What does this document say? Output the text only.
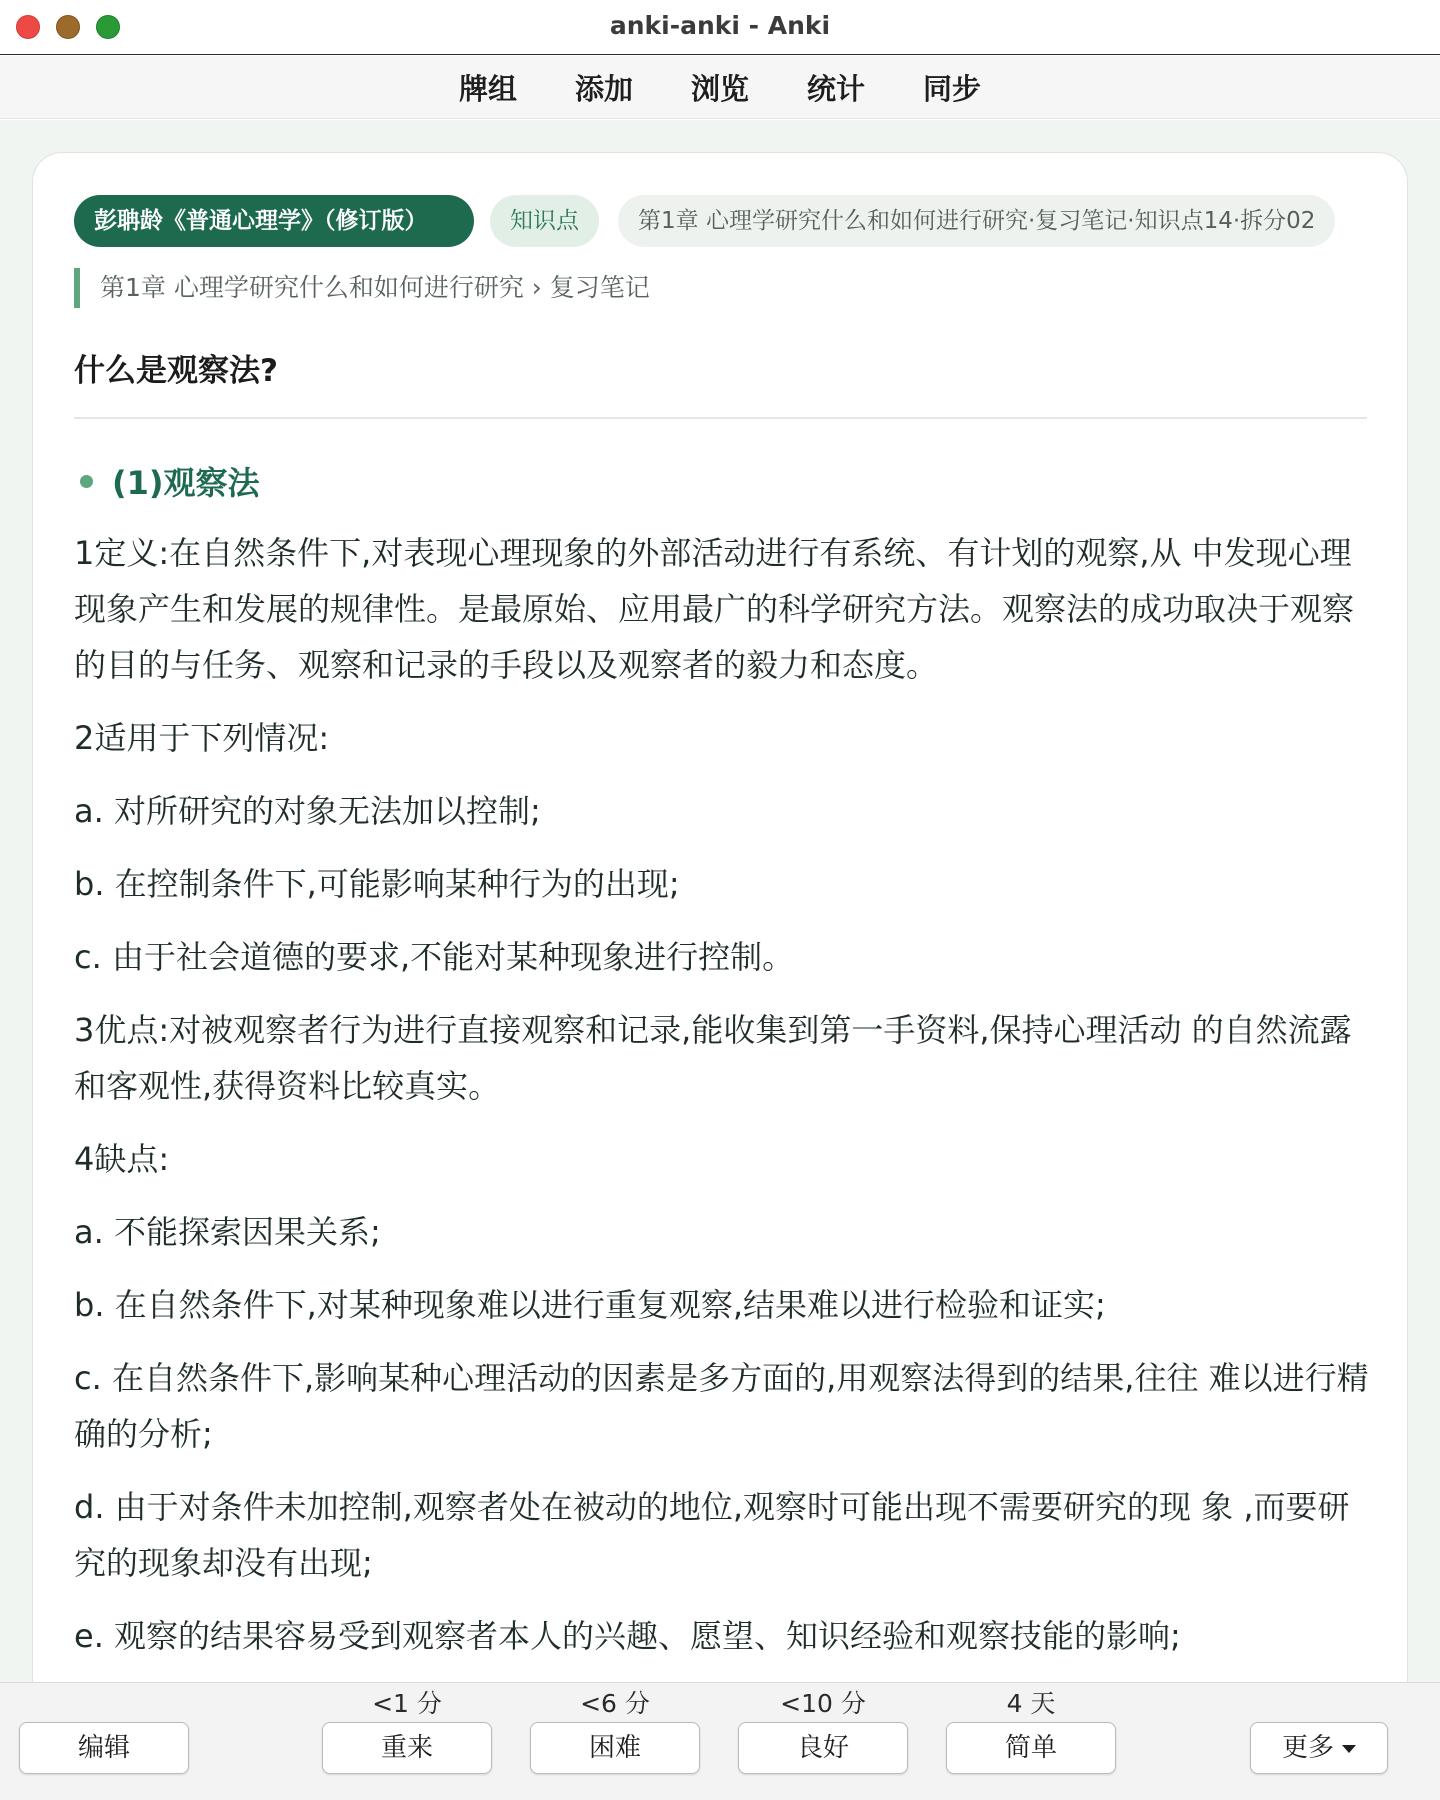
anki-anki - Anki
牌组	添加	浏览	统计	同步
彭聃龄《普通心理学》（修订版）	知识点	第1章 心理学研究什么和如何进行研究·复习笔记·知识点14·拆分02
第1章 心理学研究什么和如何进行研究 › 复习笔记
什么是观察法?
(1)观察法

1定义:在自然条件下,对表现心理现象的外部活动进行有系统、有计划的观察,从 中发现心理现象产生和发展的规律性。是最原始、应用最广的科学研究方法。观察法的成功取决于观察的目的与任务、观察和记录的手段以及观察者的毅力和态度。

2适用于下列情况:

a. 对所研究的对象无法加以控制;

b. 在控制条件下,可能影响某种行为的出现;

c. 由于社会道德的要求,不能对某种现象进行控制。

3优点:对被观察者行为进行直接观察和记录,能收集到第一手资料,保持心理活动 的自然流露和客观性,获得资料比较真实。

4缺点:

a. 不能探索因果关系;

b. 在自然条件下,对某种现象难以进行重复观察,结果难以进行检验和证实;

c. 在自然条件下,影响某种心理活动的因素是多方面的,用观察法得到的结果,往往 难以进行精确的分析;

d. 由于对条件未加控制,观察者处在被动的地位,观察时可能出现不需要研究的现 象 ,而要研究的现象却没有出现;

e. 观察的结果容易受到观察者本人的兴趣、愿望、知识经验和观察技能的影响;

<1 分	<6 分	<10 分	4 天
编辑	重来	困难	良好	简单	更多
